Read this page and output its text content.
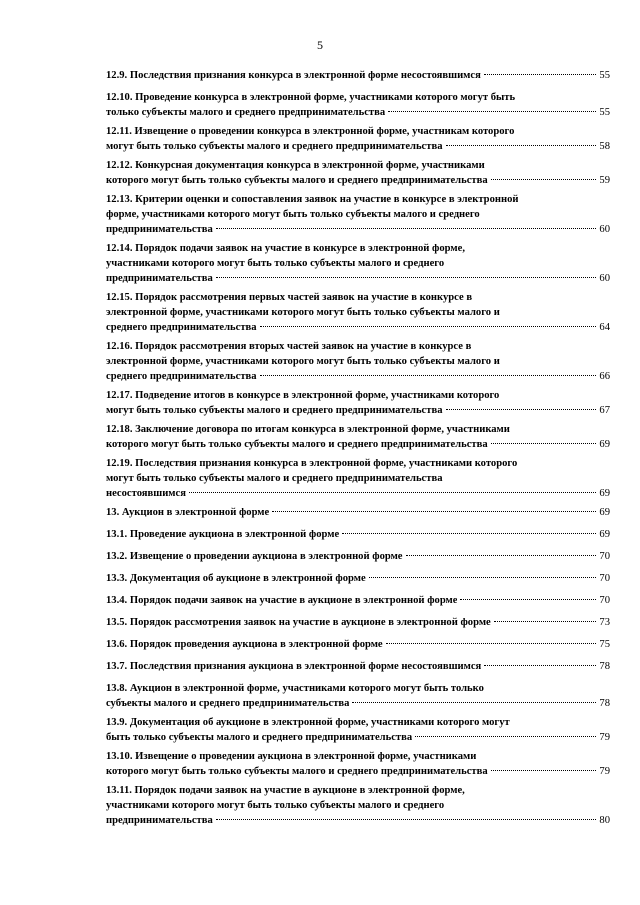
5
12.9. Последствия признания конкурса в электронной форме несостоявшимся	55
12.10. Проведение конкурса в электронной форме, участниками которого могут быть
только субъекты малого и среднего предпринимательства	55
12.11. Извещение о проведении конкурса в электронной форме, участникам которого
могут быть только субъекты малого и среднего предпринимательства	58
12.12. Конкурсная документация конкурса в электронной форме, участниками
которого могут быть только субъекты малого и среднего предпринимательства	59
12.13. Критерии оценки и сопоставления заявок на участие в конкурсе в электронной
форме, участниками которого могут быть только субъекты малого и среднего
предпринимательства	60
12.14. Порядок подачи заявок на участие в конкурсе в электронной форме,
участниками которого могут быть только субъекты малого и среднего
предпринимательства	60
12.15. Порядок рассмотрения первых частей заявок на участие в конкурсе в
электронной форме, участниками которого могут быть только субъекты малого и
среднего предпринимательства	64
12.16. Порядок рассмотрения вторых частей заявок на участие в конкурсе в
электронной форме, участниками которого могут быть только субъекты малого и
среднего предпринимательства	66
12.17. Подведение итогов в конкурсе в электронной форме, участниками которого
могут быть только субъекты малого и среднего предпринимательства	67
12.18. Заключение договора по итогам конкурса в электронной форме, участниками
которого могут быть только субъекты малого и среднего предпринимательства	69
12.19. Последствия признания конкурса в электронной форме, участниками которого
могут быть только субъекты малого и среднего предпринимательства
несостоявшимся	69
13. Аукцион в электронной форме	69
13.1. Проведение аукциона в электронной форме	69
13.2. Извещение о проведении аукциона в электронной форме	70
13.3. Документация об аукционе в электронной форме	70
13.4. Порядок подачи заявок на участие в аукционе в электронной форме	70
13.5. Порядок рассмотрения заявок на участие в аукционе в электронной форме	73
13.6. Порядок проведения аукциона в электронной форме	75
13.7. Последствия признания аукциона в электронной форме несостоявшимся	78
13.8. Аукцион в электронной форме, участниками которого могут быть только
субъекты малого и среднего предпринимательства	78
13.9. Документация об аукционе в электронной форме, участниками которого могут
быть только субъекты малого и среднего предпринимательства	79
13.10. Извещение о проведении аукциона в электронной форме, участниками
которого могут быть только субъекты малого и среднего предпринимательства	79
13.11. Порядок подачи заявок на участие в аукционе в электронной форме,
участниками которого могут быть только субъекты малого и среднего
предпринимательства	80
